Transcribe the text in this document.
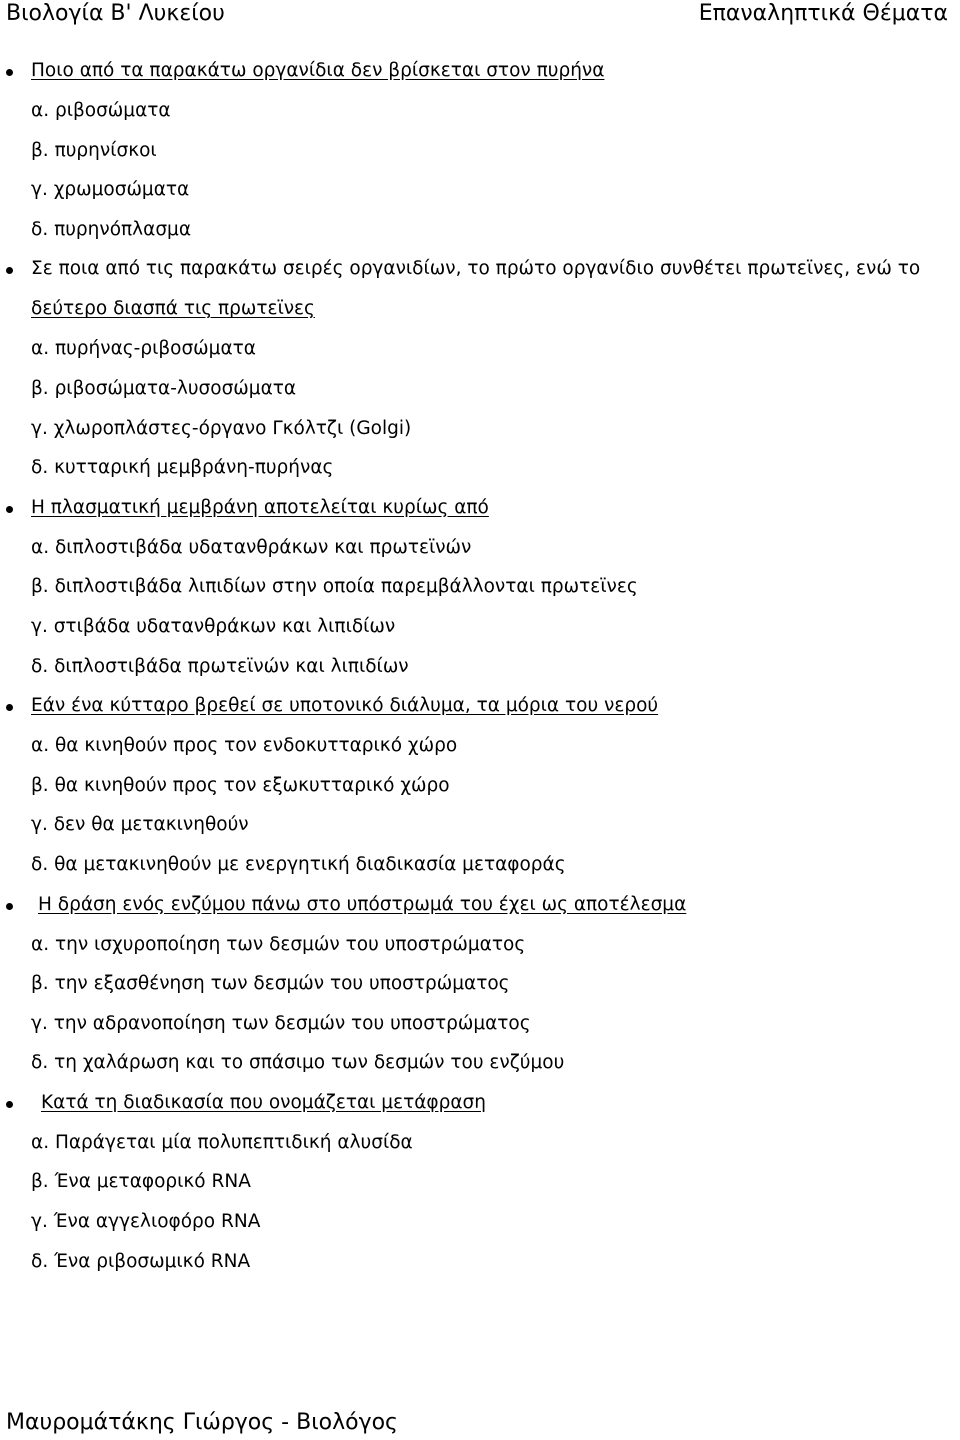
Βιολογία Β' Λυκείου	Επαναληπτικά Θέματα
Ποιο από τα παρακάτω οργανίδια δεν βρίσκεται στον πυρήνα
α. ριβοσώματα
β. πυρηνίσκοι
γ. χρωμοσώματα
δ. πυρηνόπλασμα
Σε ποια από τις παρακάτω σειρές οργανιδίων, το πρώτο οργανίδιο συνθέτει πρωτεϊνες, ενώ το
δεύτερο διασπά τις πρωτεϊνες
α. πυρήνας-ριβοσώματα
β. ριβοσώματα-λυσοσώματα
γ. χλωροπλάστες-όργανο Γκόλτζι (Golgi)
δ. κυτταρική μεμβράνη-πυρήνας
Η πλασματική μεμβράνη αποτελείται κυρίως από
α. διπλοστιβάδα υδατανθράκων και πρωτεϊνών
β. διπλοστιβάδα λιπιδίων στην οποία παρεμβάλλονται πρωτεϊνες
γ. στιβάδα υδατανθράκων και λιπιδίων
δ. διπλοστιβάδα πρωτεϊνών και λιπιδίων
Εάν ένα κύτταρο βρεθεί σε υποτονικό διάλυμα, τα μόρια του νερού
α. θα κινηθούν προς τον ενδοκυτταρικό χώρο
β. θα κινηθούν προς τον εξωκυτταρικό χώρο
γ. δεν θα μετακινηθούν
δ. θα μετακινηθούν με ενεργητική διαδικασία μεταφοράς
Η δράση ενός ενζύμου πάνω στο υπόστρωμά του έχει ως αποτέλεσμα
α. την ισχυροποίηση των δεσμών του υποστρώματος
β. την εξασθένηση των δεσμών του υποστρώματος
γ. την αδρανοποίηση των δεσμών του υποστρώματος
δ. τη χαλάρωση και το σπάσιμο των δεσμών του ενζύμου
Κατά τη διαδικασία που ονομάζεται μετάφραση
α. Παράγεται μία πολυπεπτιδική αλυσίδα
β. Ένα μεταφορικό RNA
γ. Ένα αγγελιοφόρο RNA
δ. Ένα ριβοσωμικό RNA
Μαυρομάτάκης Γιώργος - Βιολόγος
